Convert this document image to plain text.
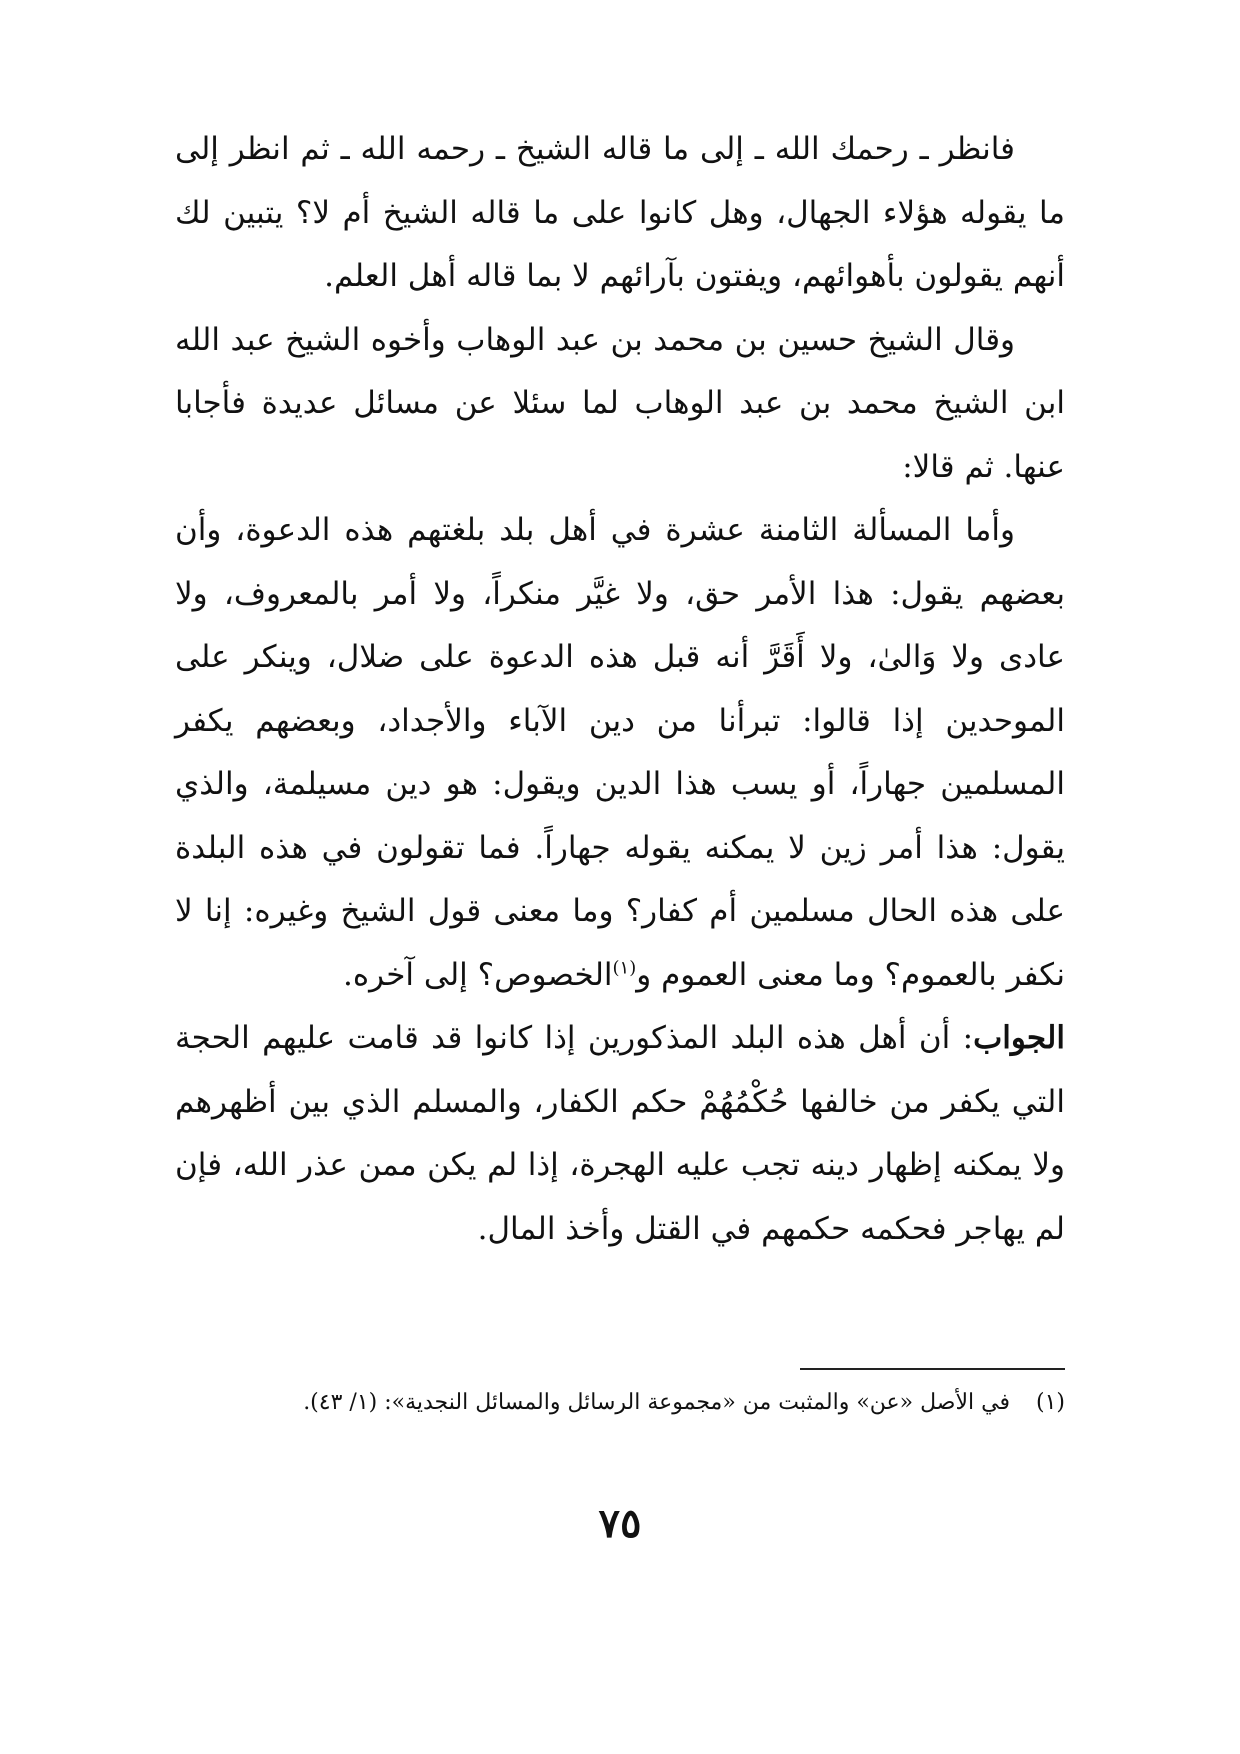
فانظر ـ رحمك الله ـ إلى ما قاله الشيخ ـ رحمه الله ـ ثم انظر إلى ما يقوله هؤلاء الجهال، وهل كانوا على ما قاله الشيخ أم لا؟ يتبين لك أنهم يقولون بأهوائهم، ويفتون بآرائهم لا بما قاله أهل العلم.

وقال الشيخ حسين بن محمد بن عبد الوهاب وأخوه الشيخ عبد الله ابن الشيخ محمد بن عبد الوهاب لما سئلا عن مسائل عديدة فأجابا عنها. ثم قالا:

وأما المسألة الثامنة عشرة في أهل بلد بلغتهم هذه الدعوة، وأن بعضهم يقول: هذا الأمر حق، ولا غيَّر منكراً، ولا أمر بالمعروف، ولا عادى ولا وَالىٰ، ولا أَقَرَّ أنه قبل هذه الدعوة على ضلال، وينكر على الموحدين إذا قالوا: تبرأنا من دين الآباء والأجداد، وبعضهم يكفر المسلمين جهاراً، أو يسب هذا الدين ويقول: هو دين مسيلمة، والذي يقول: هذا أمر زين لا يمكنه يقوله جهاراً. فما تقولون في هذه البلدة على هذه الحال مسلمين أم كفار؟ وما معنى قول الشيخ وغيره: إنا لا نكفر بالعموم؟ وما معنى العموم و$^{(١)}$الخصوص؟ إلى آخره.

الجواب: أن أهل هذه البلد المذكورين إذا كانوا قد قامت عليهم الحجة التي يكفر من خالفها حُكْمُهُمْ حكم الكفار، والمسلم الذي بين أظهرهم ولا يمكنه إظهار دينه تجب عليه الهجرة، إذا لم يكن ممن عذر الله، فإن لم يهاجر فحكمه حكمهم في القتل وأخذ المال.

(١)في الأصل «عن» والمثبت من «مجموعة الرسائل والمسائل النجدية»: (١/ ٤٣).
٧٥
